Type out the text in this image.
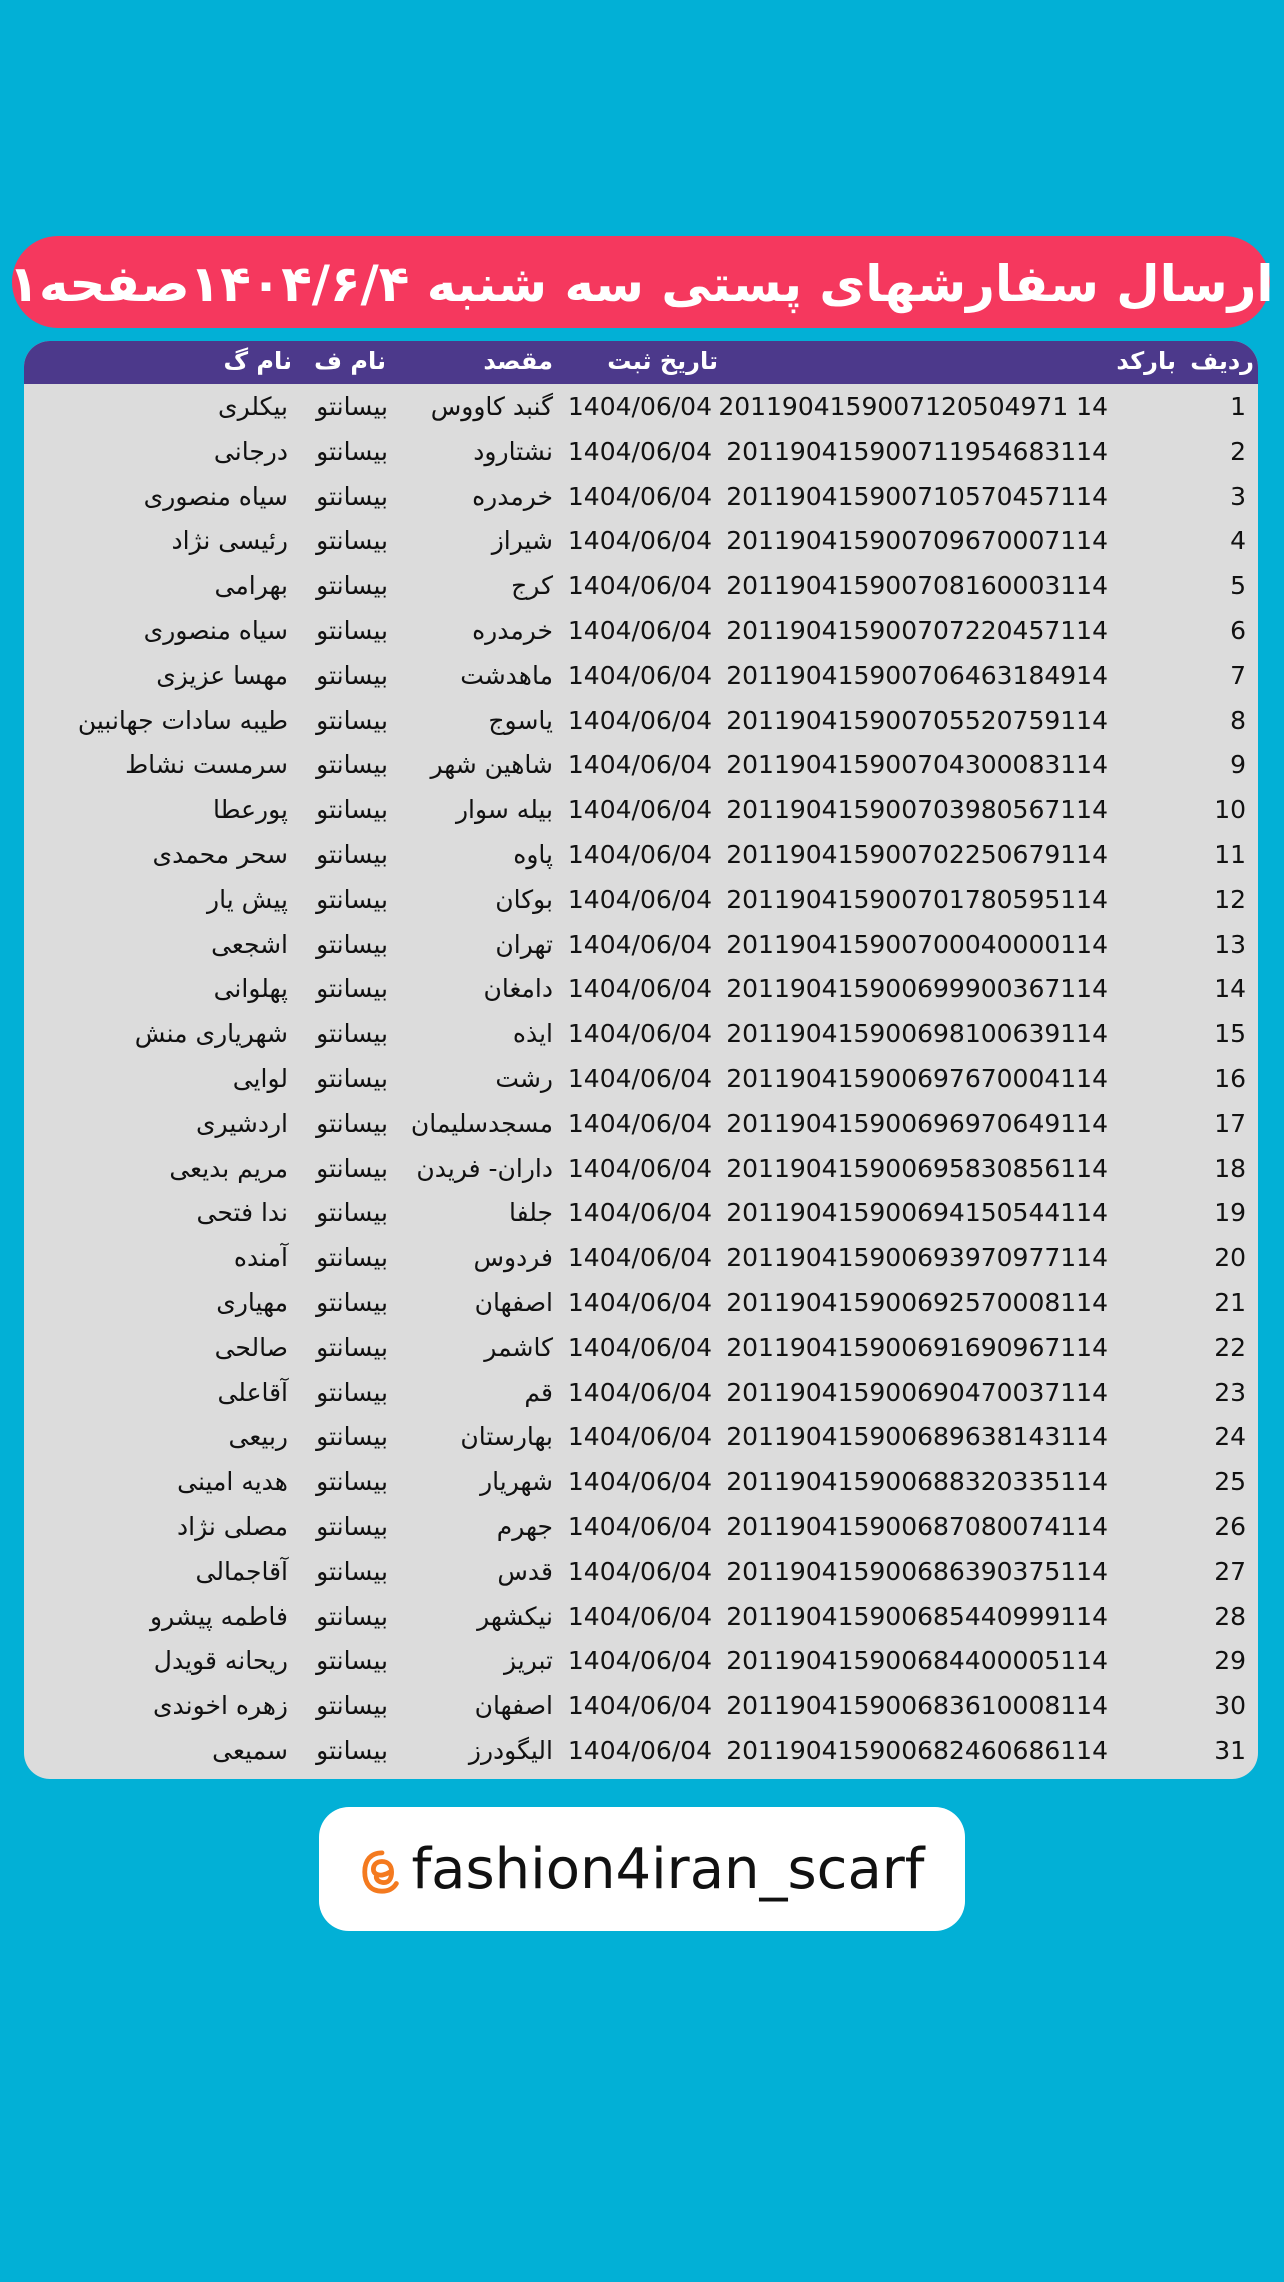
ارسال سفارشهای پستی سه شنبه ۱۴۰۴/۶/۴صفحه۱
ردیف
بارکد
تاریخ ثبت
مقصد
نام ف
نام گ
1
2011904159007120504971 14
1404/06/04
گنبد کاووس
بیسانتو
بیکلری
2
201190415900711954683114
1404/06/04
نشتارود
بیسانتو
درجانی
3
201190415900710570457114
1404/06/04
خرمدره
بیسانتو
سیاه منصوری
4
201190415900709670007114
1404/06/04
شیراز
بیسانتو
رئیسی نژاد
5
201190415900708160003114
1404/06/04
کرج
بیسانتو
بهرامی
6
201190415900707220457114
1404/06/04
خرمدره
بیسانتو
سیاه منصوری
7
201190415900706463184914
1404/06/04
ماهدشت
بیسانتو
مهسا عزیزی
8
201190415900705520759114
1404/06/04
یاسوج
بیسانتو
طیبه سادات جهانبین
9
201190415900704300083114
1404/06/04
شاهین شهر
بیسانتو
سرمست نشاط
10
201190415900703980567114
1404/06/04
بیله سوار
بیسانتو
پورعطا
11
201190415900702250679114
1404/06/04
پاوه
بیسانتو
سحر محمدی
12
201190415900701780595114
1404/06/04
بوکان
بیسانتو
پیش یار
13
201190415900700040000114
1404/06/04
تهران
بیسانتو
اشجعی
14
201190415900699900367114
1404/06/04
دامغان
بیسانتو
پهلوانی
15
201190415900698100639114
1404/06/04
ایذه
بیسانتو
شهریاری منش
16
201190415900697670004114
1404/06/04
رشت
بیسانتو
لوایی
17
201190415900696970649114
1404/06/04
مسجدسلیمان
بیسانتو
اردشیری
18
201190415900695830856114
1404/06/04
داران- فریدن
بیسانتو
مریم بدیعی
19
201190415900694150544114
1404/06/04
جلفا
بیسانتو
ندا فتحی
20
201190415900693970977114
1404/06/04
فردوس
بیسانتو
آمنده
21
201190415900692570008114
1404/06/04
اصفهان
بیسانتو
مهیاری
22
201190415900691690967114
1404/06/04
کاشمر
بیسانتو
صالحی
23
201190415900690470037114
1404/06/04
قم
بیسانتو
آقاعلی
24
201190415900689638143114
1404/06/04
بهارستان
بیسانتو
ربیعی
25
201190415900688320335114
1404/06/04
شهریار
بیسانتو
هدیه امینی
26
201190415900687080074114
1404/06/04
جهرم
بیسانتو
مصلی نژاد
27
201190415900686390375114
1404/06/04
قدس
بیسانتو
آقاجمالی
28
201190415900685440999114
1404/06/04
نیکشهر
بیسانتو
فاطمه پیشرو
29
201190415900684400005114
1404/06/04
تبریز
بیسانتو
ریحانه قویدل
30
201190415900683610008114
1404/06/04
اصفهان
بیسانتو
زهره اخوندی
31
201190415900682460686114
1404/06/04
الیگودرز
بیسانتو
سمیعی
fashion4iran_scarf
